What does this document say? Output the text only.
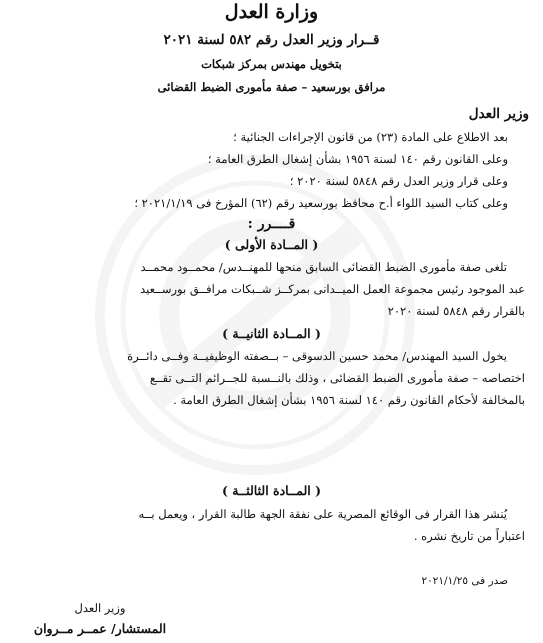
وزارة العدل
قــرار وزير العدل رقم ٥٨٢ لسنة ٢٠٢١
بتخويل مهندس بمركز شبكات
مرافق بورسعيد – صفة مأمورى الضبط القضائى
وزير العدل
بعد الاطلاع على المادة (٢٣) من قانون الإجراءات الجنائية ؛
وعلى القانون رقم ١٤٠ لسنة ١٩٥٦ بشأن إشغال الطرق العامة ؛
وعلى قرار وزير العدل رقم ٥٨٤٨ لسنة ٢٠٢٠ ؛
وعلى كتاب السيد اللواء أ.ح محافظ بورسعيد رقم (٦٢) المؤرخ فى ٢٠٢١/١/١٩ ؛
قــــرر :
( المــادة الأولى )
تلغى صفة مأمورى الضبط القضائى السابق منحها للمهنــدس/ محمــود محمــد
عبد الموجود رئيس مجموعة العمل الميــدانى بمركــز شــبكات مرافــق بورســعيد
بالقرار رقم ٥٨٤٨ لسنة ٢٠٢٠
( المــادة الثانيــة )
يخول السيد المهندس/ محمد حسين الدسوقى – بــصفته الوظيفيــة وفــى دائــرة
اختصاصه – صفة مأمورى الضبط القضائى ، وذلك بالنــسبة للجــرائم التــى تقــع
بالمخالفة لأحكام القانون رقم ١٤٠ لسنة ١٩٥٦ بشأن إشغال الطرق العامة .
( المــادة الثالثــة )
يُنشر هذا القرار فى الوقائع المصرية على نفقة الجهة طالبة القرار ، ويعمل بــه
اعتباراً من تاريخ نشره .
صدر فى ٢٠٢١/١/٢٥
وزير العدل
المستشار/ عمــر مــروان
